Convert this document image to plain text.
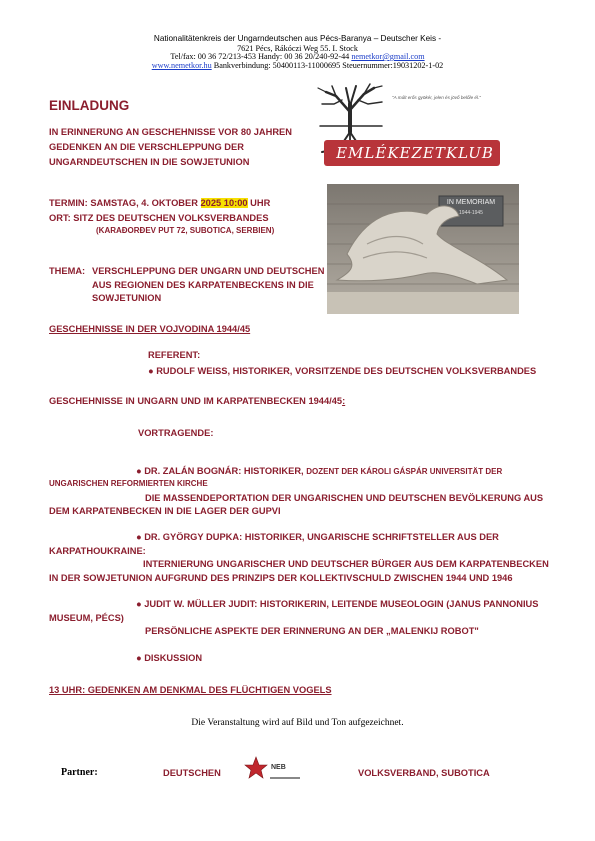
Nationalitätenkreis der Ungarndeutschen aus Pécs-Baranya – Deutscher Keis -
7621 Pécs, Rákóczi Weg 55. I. Stock
Tel/fax: 00 36 72/213-453 Handy: 00 36 20/240-92-44 nemetkor@gmail.com
www.nemetkor.hu Bankverbindung: 50400113-11000695 Steuernummer:19031202-1-02
EINLADUNG
IN ERINNERUNG AN GESCHEHNISSE VOR 80 JAHREN
GEDENKEN AN DIE VERSCHLEPPUNG DER
UNGARNDEUTSCHEN IN DIE SOWJETUNION
"A múlt erős gyökér, jelen és jövő belőle él."
EMLÉKEZETKLUB
TERMIN: SAMSTAG, 4. OKTOBER 2025 10:00 UHR
ORT: SITZ DES DEUTSCHEN VOLKSVERBANDES
(KARAĐORĐEV PUT 72, SUBOTICA, SERBIEN)
IN MEMORIAM
1944-1945
THEMA: VERSCHLEPPUNG DER UNGARN UND DEUTSCHEN
AUS REGIONEN DES KARPATENBECKENS IN DIE
SOWJETUNION
GESCHEHNISSE IN DER VOJVODINA 1944/45
REFERENT:
● RUDOLF WEISS, HISTORIKER, VORSITZENDE DES DEUTSCHEN VOLKSVERBANDES
GESCHEHNISSE IN UNGARN UND IM KARPATENBECKEN 1944/45:
VORTRAGENDE:
● DR. ZALÁN BOGNÁR: HISTORIKER, DOZENT DER KÁROLI GÁSPÁR UNIVERSITÄT DER
UNGARISCHEN REFORMIERTEN KIRCHE
DIE MASSENDEPORTATION DER UNGARISCHEN UND DEUTSCHEN BEVÖLKERUNG AUS
DEM KARPATENBECKEN IN DIE LAGER DER GUPVI
● DR. GYÖRGY DUPKA: HISTORIKER, UNGARISCHE SCHRIFTSTELLER AUS DER
KARPATHOUKRAINE:
INTERNIERUNG UNGARISCHER UND DEUTSCHER BÜRGER AUS DEM KARPATENBECKEN
IN DER SOWJETUNION AUFGRUND DES PRINZIPS DER KOLLEKTIVSCHULD ZWISCHEN 1944 UND 1946
● JUDIT W. MÜLLER JUDIT: HISTORIKERIN, LEITENDE MUSEOLOGIN (JANUS PANNONIUS
MUSEUM, PÉCS)
PERSÖNLICHE ASPEKTE DER ERINNERUNG AN DER „MALENKIJ ROBOT"
● DISKUSSION
13 UHR: GEDENKEN AM DENKMAL DES FLÜCHTIGEN VOGELS
Die Veranstaltung wird auf Bild und Ton aufgezeichnet.
Partner:	DEUTSCHEN
NEB
VOLKSVERBAND, SUBOTICA
